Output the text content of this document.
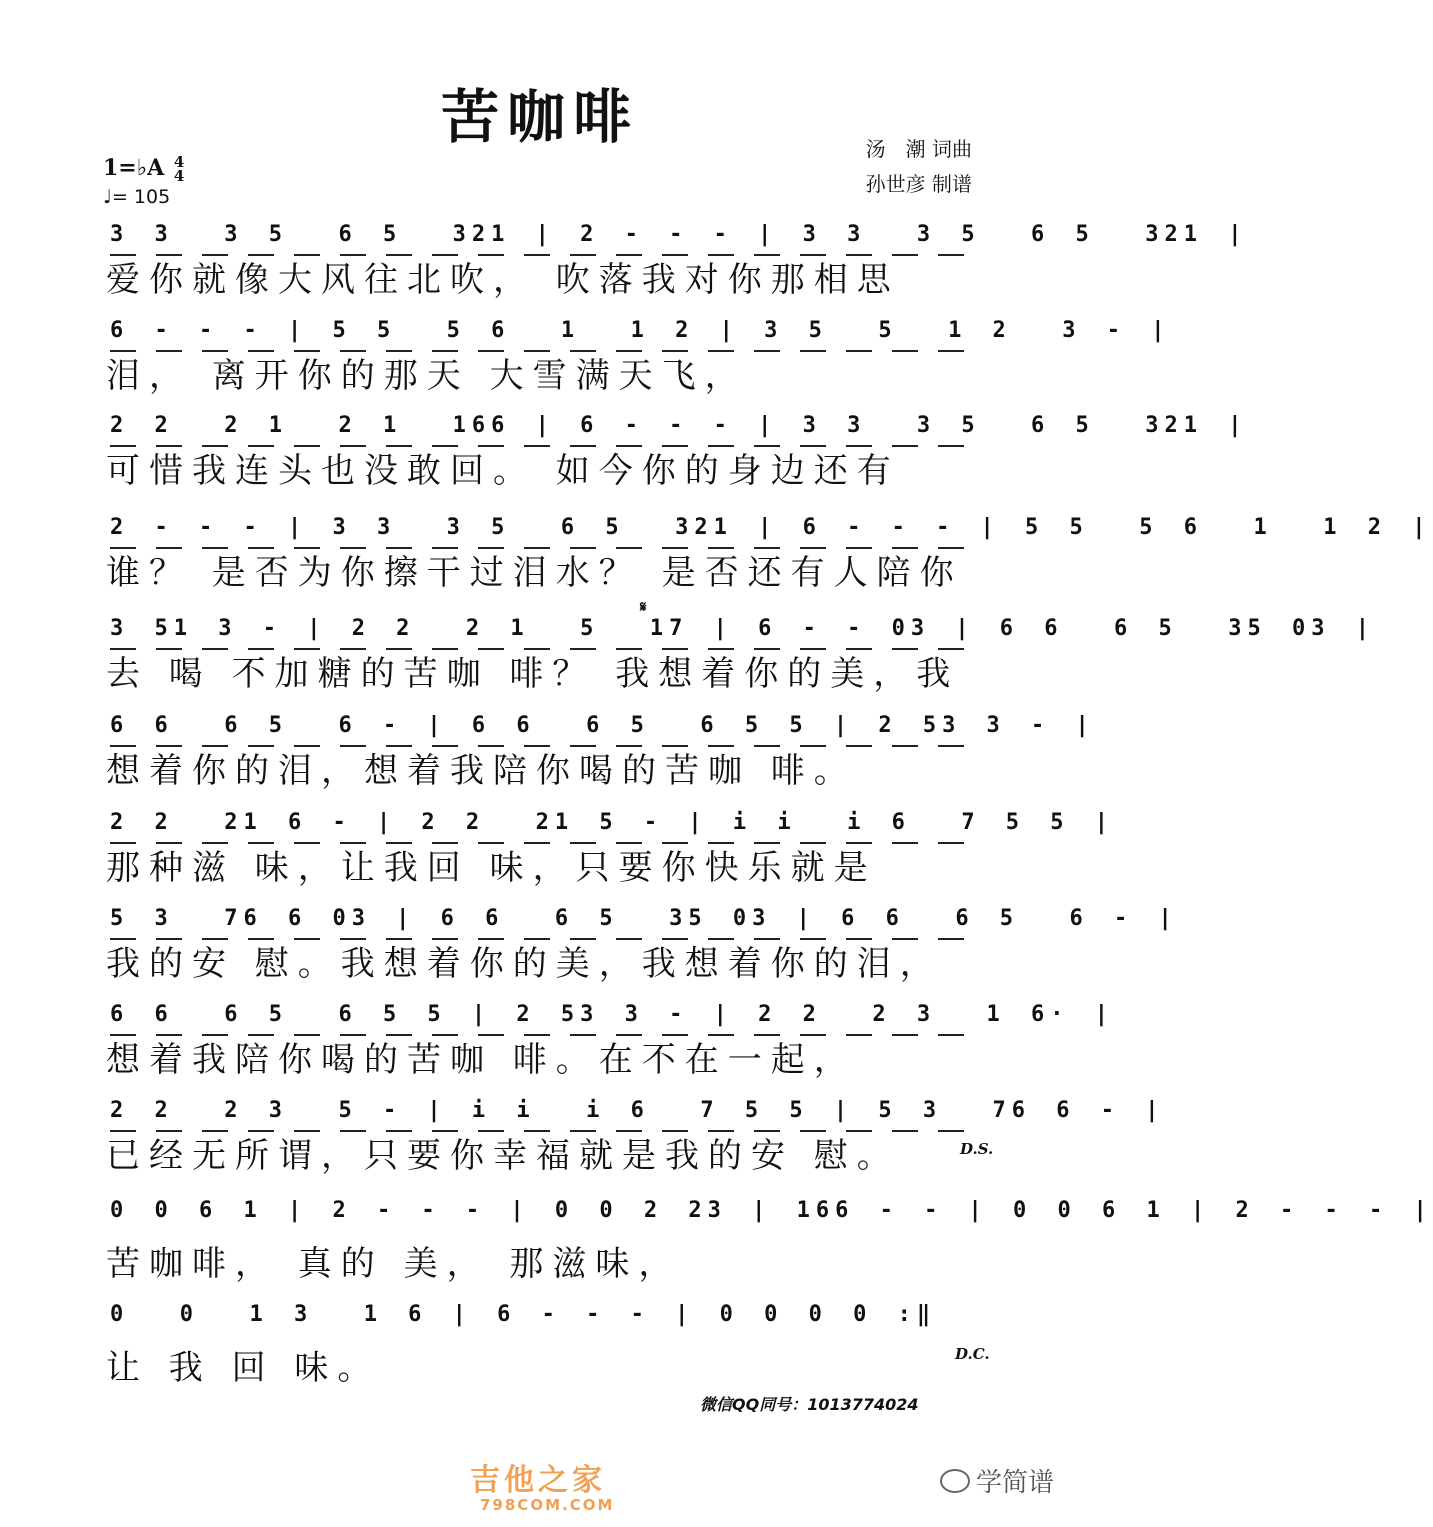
苦咖啡	汤　潮 词曲
孙世彦 制谱
1=♭A 4
4
♩= 105
3 3  3 5  6 5  321 | 2 - - - | 3 3  3 5  6 5  321 |
爱你就像大风往北吹， 吹落我对你那相思
6 - - - | 5 5  5 6  1  1 2 | 3 5  5  1 2  3 - |
泪， 离开你的那天 大雪满天飞，
2 2  2 1  2 1  166 | 6 - - - | 3 3  3 5  6 5  321 |
可惜我连头也没敢回。 如今你的身边还有
2 - - - | 3 3  3 5  6 5  321 | 6 - - - | 5 5  5 6  1  1 2 |
谁？ 是否为你擦干过泪水？ 是否还有人陪你
3 51 3 - | 2 2  2 1  5  17 | 6 - - 03 | 6 6  6 5  35 03 |
去 喝 不加糖的苦咖 啡？ 我想着你的美，我
6 6  6 5  6 - | 6 6  6 5  6 5 5 | 2 53 3 - |
想着你的泪，想着我陪你喝的苦咖 啡。
2 2  21 6 - | 2 2  21 5 - | i i  i 6  7 5 5 |
那种滋 味，让我回 味，只要你快乐就是
5 3  76 6 03 | 6 6  6 5  35 03 | 6 6  6 5  6 - |
我的安 慰。我想着你的美，我想着你的泪，
6 6  6 5  6 5 5 | 2 53 3 - | 2 2  2 3  1 6· |
想着我陪你喝的苦咖 啡。在不在一起，
2 2  2 3  5 - | i i  i 6  7 5 5 | 5 3  76 6 - |
已经无所谓，只要你幸福就是我的安 慰。
0 0 6 1 | 2 - - - | 0 0 2 23 | 166 - - | 0 0 6 1 | 2 - - - |
苦咖啡， 真的 美， 那滋味，
0  0  1 3  1 6 | 6 - - - | 0 0 0 0 :‖
让 我 回 味。
𝄋
D.S.
D.C.
微信QQ同号：1013774024
吉他之家
798COM.COM
学简谱
